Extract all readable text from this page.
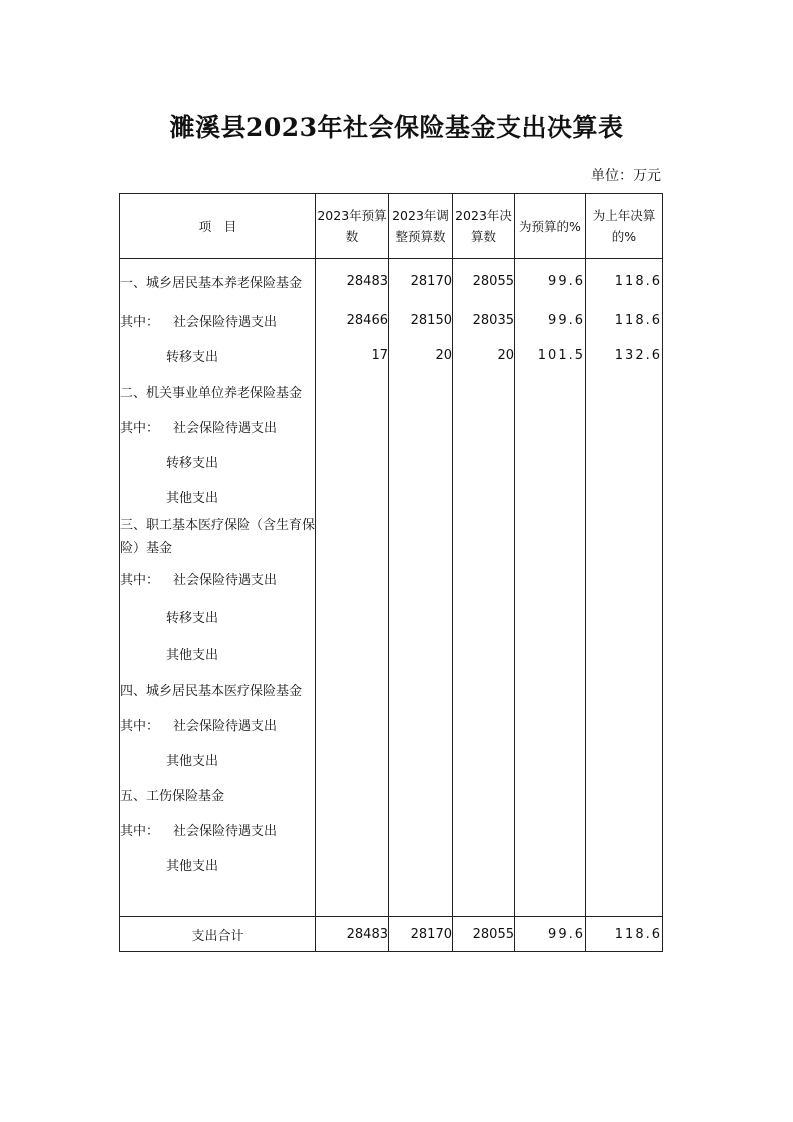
濉溪县2023年社会保险基金支出决算表
单位：万元
项　目	2023年预算数	2023年调整预算数	2023年决算数	为预算的%	为上年决算的%
一、城乡居民基本养老保险基金	28483	28170	28055	99.6	118.6
其中： 社会保险待遇支出	28466	28150	28035	99.6	118.6
转移支出	17	20	20	101.5	132.6
二、机关事业单位养老保险基金					
其中： 社会保险待遇支出					
转移支出					
其他支出					
三、职工基本医疗保险（含生育保险）基金					
其中： 社会保险待遇支出					
转移支出					
其他支出					
四、城乡居民基本医疗保险基金					
其中： 社会保险待遇支出					
其他支出					
五、工伤保险基金					
其中： 社会保险待遇支出					
其他支出					

支出合计	28483	28170	28055	99.6	118.6
